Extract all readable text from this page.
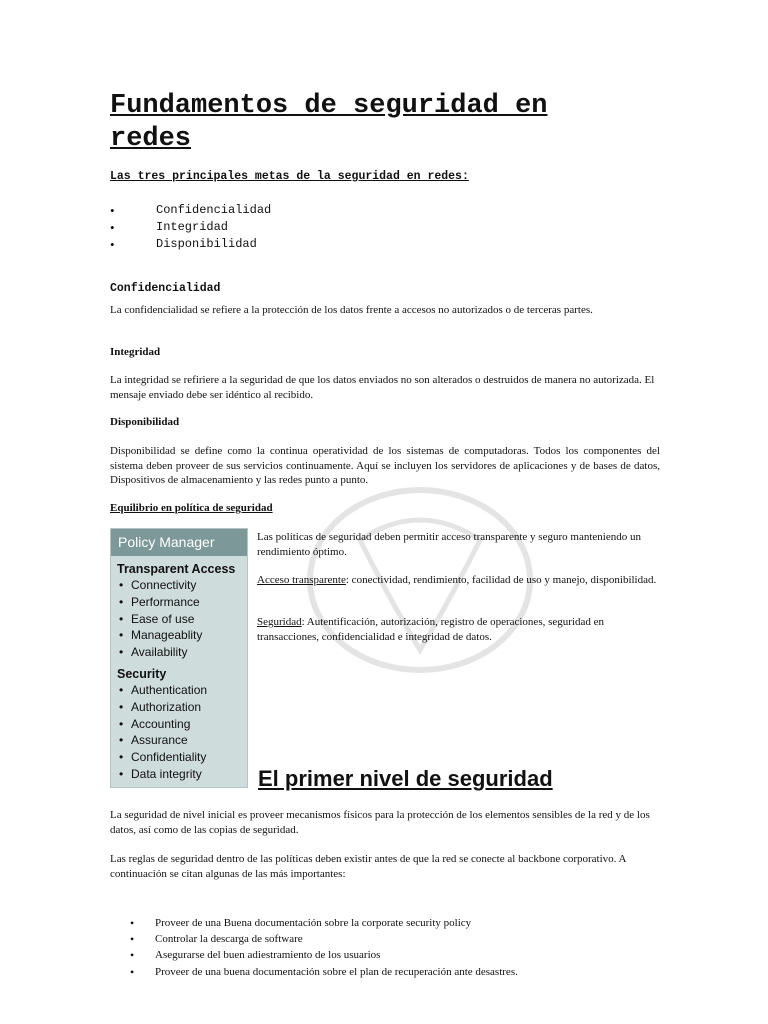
Fundamentos de seguridad en redes

Las tres principales metas de la seguridad en redes:

• Confidencialidad
• Integridad
• Disponibilidad

Confidencialidad

La confidencialidad se refiere a la protección de los datos frente a accesos no autorizados o de terceras partes.

Integridad

La integridad se refiriere a la seguridad de que los datos enviados no son alterados o destruidos de manera no autorizada. El mensaje enviado debe ser idéntico al recibido.

Disponibilidad

Disponibilidad se define como la continua operatividad de los sistemas de computadoras. Todos los componentes del sistema deben proveer de sus servicios continuamente. Aquí se incluyen los servidores de aplicaciones y de bases de datos, Dispositivos de almacenamiento y las redes punto a punto.

Equilibrio en política de seguridad

Policy Manager
Transparent Access
• Connectivity
• Performance
• Ease of use
• Manageablity
• Availability
Security
• Authentication
• Authorization
• Accounting
• Assurance
• Confidentiality
• Data integrity

Las políticas de seguridad deben permitir acceso transparente y seguro manteniendo un rendimiento óptimo.

Acceso transparente: conectividad, rendimiento, facilidad de uso y manejo, disponibilidad.

Seguridad: Autentificación, autorización, registro de operaciones, seguridad en transacciones, confidencialidad e integridad de datos.

El primer nivel de seguridad

La seguridad de nivel inicial es proveer mecanismos físicos para la protección de los elementos sensibles de la red y de los datos, así como de las copias de seguridad.

Las reglas de seguridad dentro de las políticas deben existir antes de que la red se conecte al backbone corporativo. A continuación se citan algunas de las más importantes:

• Proveer de una Buena documentación sobre la corporate security policy
• Controlar la descarga de software
• Asegurarse del buen adiestramiento de los usuarios
• Proveer de una buena documentación sobre el plan de recuperación ante desastres.
